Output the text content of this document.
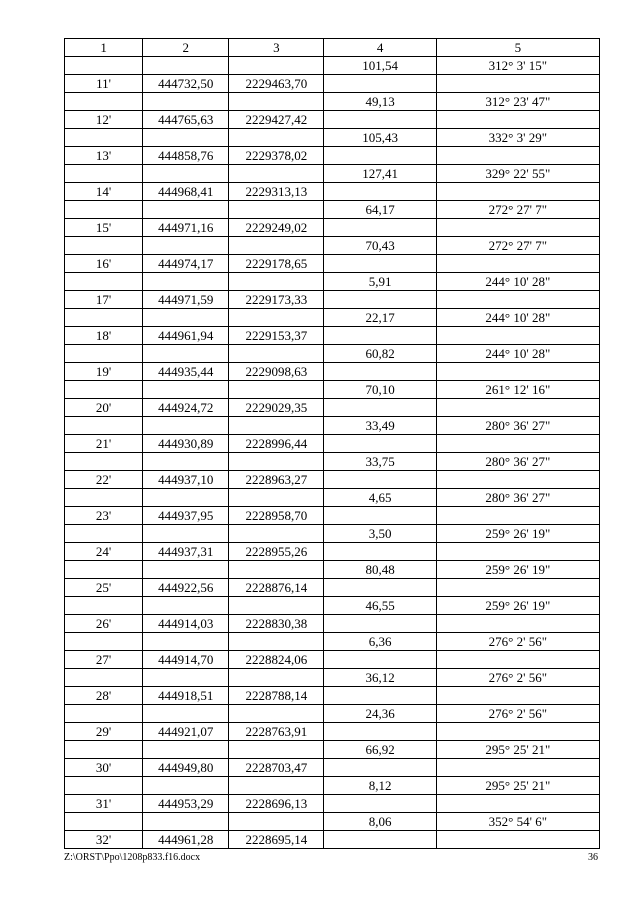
1	2	3	4	5
			101,54	312° 3' 15"
11'	444732,50	2229463,70		
			49,13	312° 23' 47"
12'	444765,63	2229427,42		
			105,43	332° 3' 29"
13'	444858,76	2229378,02		
			127,41	329° 22' 55"
14'	444968,41	2229313,13		
			64,17	272° 27' 7"
15'	444971,16	2229249,02		
			70,43	272° 27' 7"
16'	444974,17	2229178,65		
			5,91	244° 10' 28"
17'	444971,59	2229173,33		
			22,17	244° 10' 28"
18'	444961,94	2229153,37		
			60,82	244° 10' 28"
19'	444935,44	2229098,63		
			70,10	261° 12' 16"
20'	444924,72	2229029,35		
			33,49	280° 36' 27"
21'	444930,89	2228996,44		
			33,75	280° 36' 27"
22'	444937,10	2228963,27		
			4,65	280° 36' 27"
23'	444937,95	2228958,70		
			3,50	259° 26' 19"
24'	444937,31	2228955,26		
			80,48	259° 26' 19"
25'	444922,56	2228876,14		
			46,55	259° 26' 19"
26'	444914,03	2228830,38		
			6,36	276° 2' 56"
27'	444914,70	2228824,06		
			36,12	276° 2' 56"
28'	444918,51	2228788,14		
			24,36	276° 2' 56"
29'	444921,07	2228763,91		
			66,92	295° 25' 21"
30'	444949,80	2228703,47		
			8,12	295° 25' 21"
31'	444953,29	2228696,13		
			8,06	352° 54' 6"
32'	444961,28	2228695,14		
Z:\ORST\Ppo\1208p833.f16.docx	36
